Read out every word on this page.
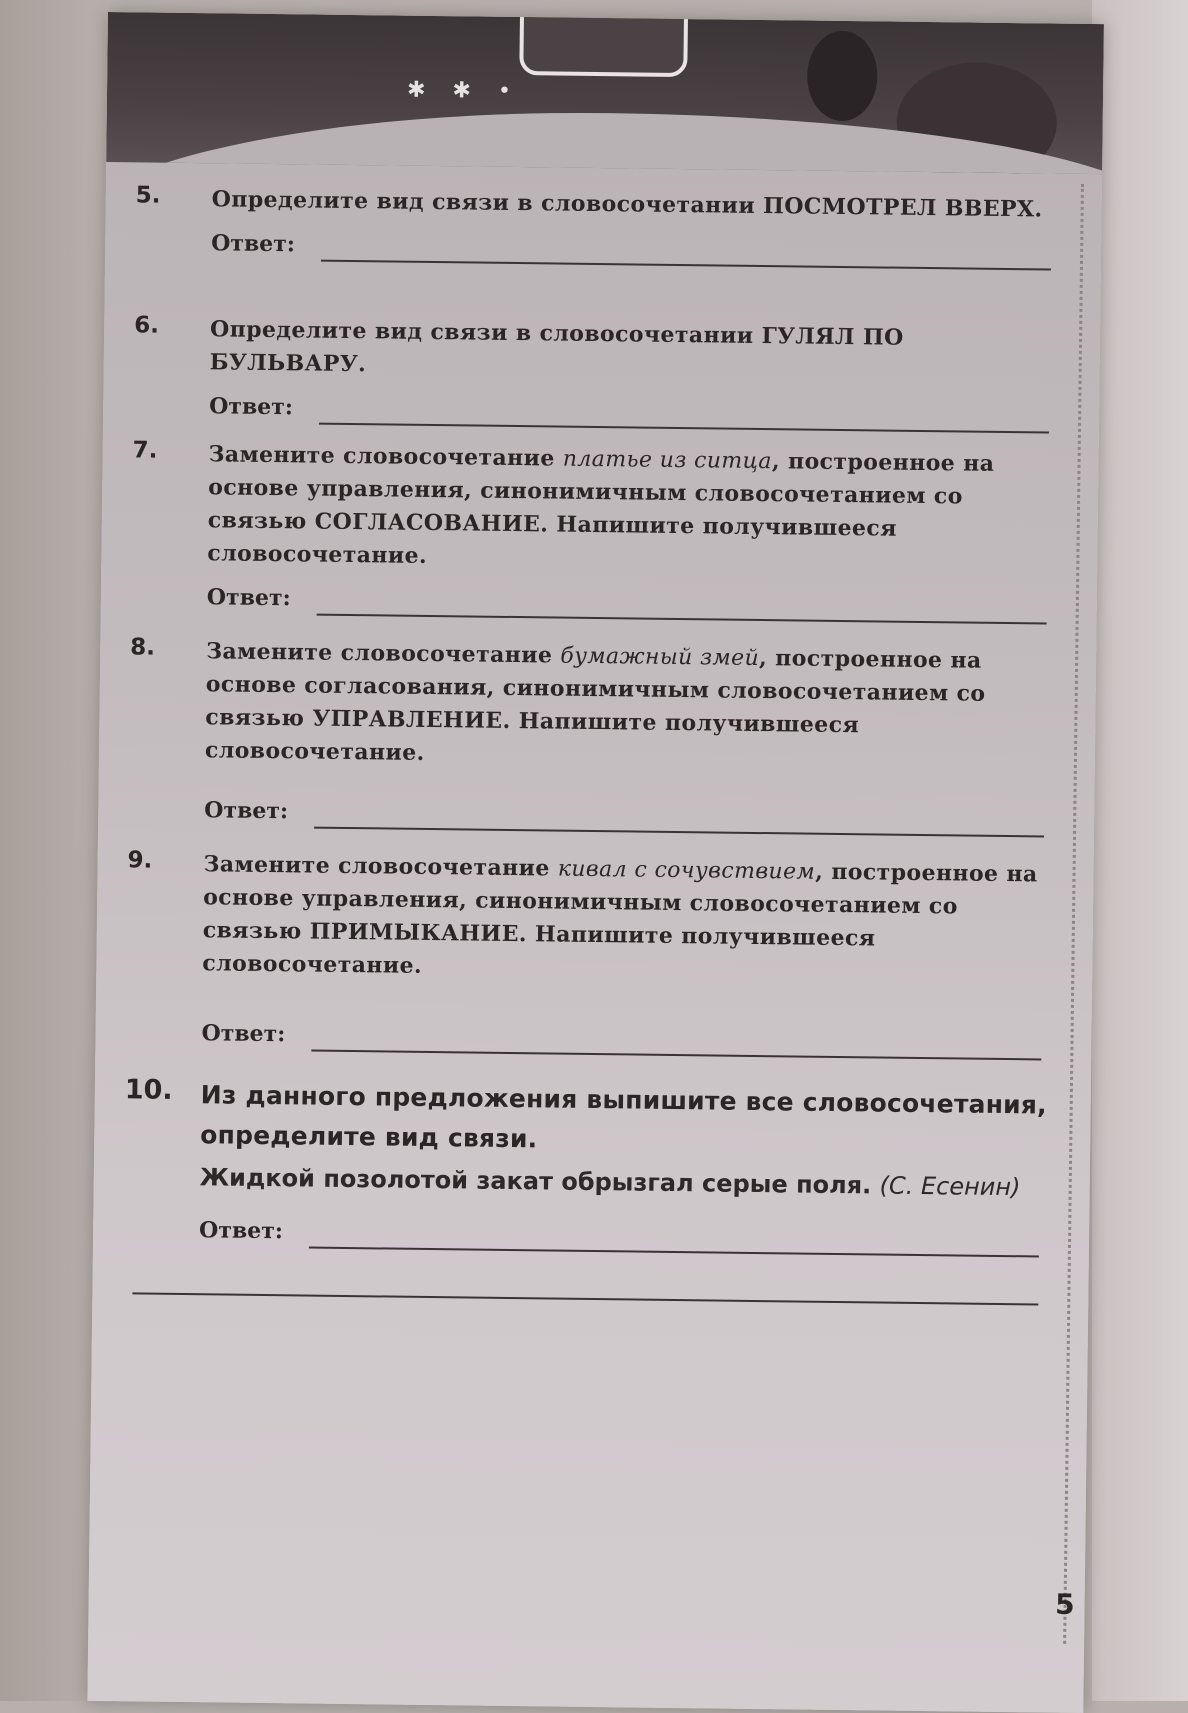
✱ ✱ •
5.	Определите вид связи в словосочетании ПОСМОТРЕЛ ВВЕРХ.
Ответ:
6.	Определите вид связи в словосочетании ГУЛЯЛ ПО БУЛЬВАРУ.
Ответ:
7.	Замените словосочетание платье из ситца, построенное на основе управления, синонимичным словосочетанием со связью СОГЛАСОВАНИЕ. Напишите получившееся словосочетание.
Ответ:
8.	Замените словосочетание бумажный змей, построенное на основе согласования, синонимичным словосочетанием со связью УПРАВЛЕНИЕ. Напишите получившееся словосочетание.
Ответ:
9.	Замените словосочетание кивал с сочувствием, построенное на основе управления, синонимичным словосочетанием со связью ПРИМЫКАНИЕ. Напишите получившееся словосочетание.
Ответ:
10. Из данного предложения выпишите все словосочетания, определите вид связи.
Жидкой позолотой закат обрызгал серые поля. (С. Есенин)
Ответ:
5
